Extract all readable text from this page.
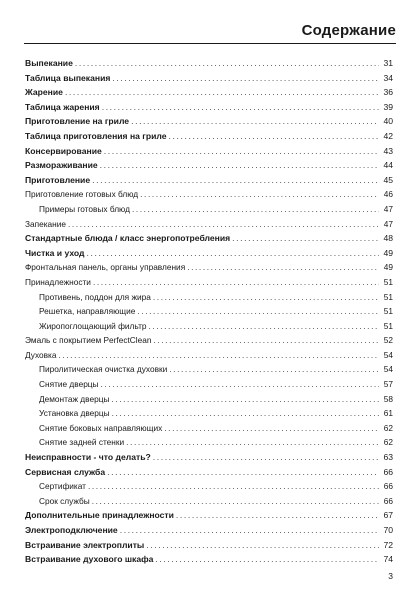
Содержание
Выпекание .....	31
Таблица выпекания .....	34
Жарение .....	36
Таблица жарения .....	39
Приготовление на гриле .....	40
Таблица приготовления на гриле .....	42
Консервирование .....	43
Размораживание .....	44
Приготовление .....	45
Приготовление готовых блюд .....	46
Примеры готовых блюд .....	47
Запекание .....	47
Стандартные блюда / класс энергопотребления .....	48
Чистка и уход .....	49
Фронтальная панель, органы управления .....	49
Принадлежности .....	51
Противень, поддон для жира .....	51
Решетка, направляющие .....	51
Жиропоглощающий фильтр .....	51
Эмаль с покрытием PerfectClean .....	52
Духовка .....	54
Пиролитическая очистка духовки .....	54
Снятие дверцы .....	57
Демонтаж дверцы .....	58
Установка дверцы .....	61
Снятие боковых направляющих .....	62
Снятие задней стенки .....	62
Неисправности - что делать? .....	63
Сервисная служба .....	66
Сертификат .....	66
Срок службы .....	66
Дополнительные принадлежности .....	67
Электроподключение .....	70
Встраивание электроплиты .....	72
Встраивание духового шкафа .....	74
3
